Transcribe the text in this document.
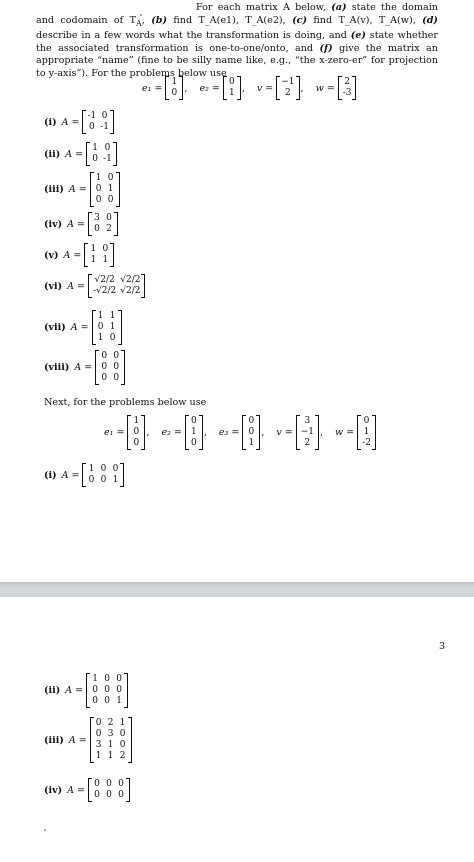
For each matrix A below, (a) state the domain and codomain of $T_A$, (b) find T_A(e1), T_A(e2), (c) find T_A(v), T_A(w), (d) describe in a few words what the transformation is doing, and (e) state whether the associated transformation is one-to-one/onto, and (f) give the matrix an appropriate “name” (fine to be silly name like, e.g., “the x-zero-er” for projection to y-axis”). For the problems below use
e₁ =
1
0 , e₂ =
0
1 , v =
−1
2 , w =
2
-3
(i) A =
-1	0
0	-1
(ii) A =
1	0
0	-1
(iii) A =
1	0
0	1
0	0
(iv) A =
3	0
0	2
(v) A =
1	0
1	1
(vi) A =
√2/2	√2/2
-√2/2	√2/2
(vii) A =
1	1
0	1
1	0
(viii) A =
0	0
0	0
0	0
Next, for the problems below use
e₁ =
1
0
0
, e₂ =
0
1
0
, e₃ =
0
0
1
, v =
3
−1
2
, w =
0
1
-2
(i) A =
1	0	0
0	0	1
3
(ii) A =
1	0	0
0	0	0
0	0	1
(iii) A =
0	2	1
0	3	0
3	1	0
1	1	2
(iv) A =
0	0	0
0	0	0
